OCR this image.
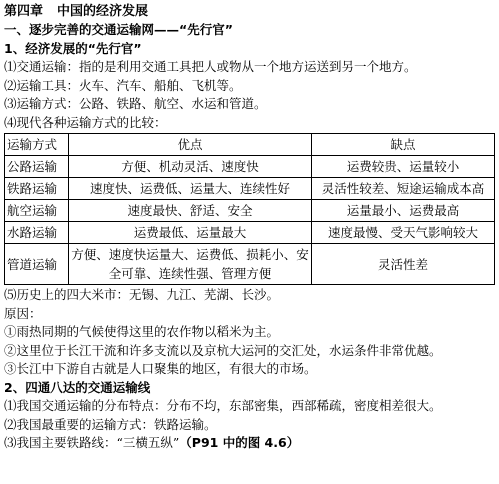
第四章 中国的经济发展
一、逐步完善的交通运输网——“先行官”
1、经济发展的“先行官”
⑴交通运输：指的是利用交通工具把人或物从一个地方运送到另一个地方。
⑵运输工具：火车、汽车、船舶、飞机等。
⑶运输方式：公路、铁路、航空、水运和管道。
⑷现代各种运输方式的比较：
运输方式	优点	缺点
公路运输	方便、机动灵活、速度快	运费较贵、运量较小
铁路运输	速度快、运费低、运量大、连续性好	灵活性较差、短途运输成本高
航空运输	速度最快、舒适、安全	运量最小、运费最高
水路运输	运费最低、运量最大	速度最慢、受天气影响较大
管道运输	方便、速度快运量大、运费低、损耗小、安全可靠、连续性强、管理方便	灵活性差
⑸历史上的四大米市：无锡、九江、芜湖、长沙。
原因：
①雨热同期的气候使得这里的农作物以稻米为主。
②这里位于长江干流和许多支流以及京杭大运河的交汇处，水运条件非常优越。
③长江中下游自古就是人口聚集的地区，有很大的市场。
2、四通八达的交通运输线
⑴我国交通运输的分布特点：分布不均，东部密集，西部稀疏，密度相差很大。
⑵我国最重要的运输方式：铁路运输。
⑶我国主要铁路线：“三横五纵”（P91 中的图 4.6）
